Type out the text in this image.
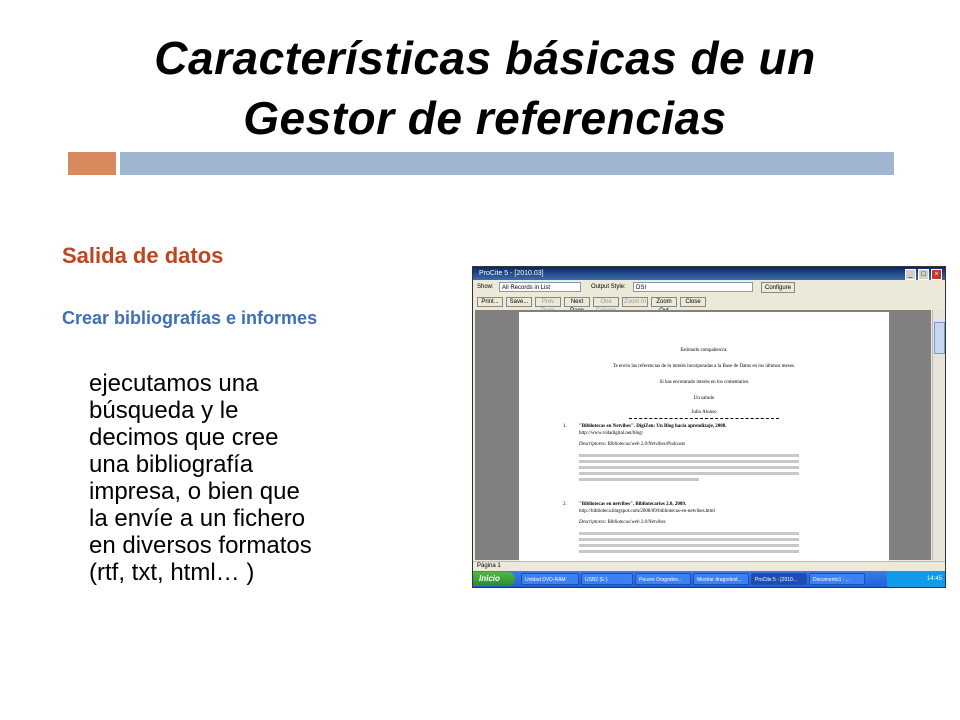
Características básicas de un
Gestor de referencias
Salida de datos
Crear bibliografías e informes
ejecutamos una
búsqueda y le
decimos que cree
una bibliografía
impresa, o bien que
la envíe a un fichero
en diversos formatos
(rtf, txt, html… )
ProCite 5 - [2010.03]	_	□	×
Show:	All Records in List	Output Style:	DSI	Configure
Print...	Save...	Prev	Next	One	Zoom In	Zoom	Close
Estimado compañero/a:
Te envío las referencias de tu interés incorporadas a la Base de Datos en los últimos meses.
Si has encontrado interés en los comentarios
Un saludo
Julio Alonso
1. "Bibliotecas en Netvibes". DigiZen: Un Blog hacia aprendizaje, 2008.
http://www.vidadigital.net/blog/
Descriptores: Bibliotecas/web 2.0/Netvibes/Podcasts
2. "Bibliotecas en netvibes". Bibliotecarios 2.0, 2009.
http://biblioteca.blogspot.com/2008/09/bibliotecas-en-netvibes.html
Descriptores: Bibliotecas/web 2.0/Netvibes
Página 1
Inicio	Unidad DVD-RAM	USB2 (E:)	Peuvre Dragodes...	Mostrar dragodest...	ProCite 5 - [2010...	Documento1 - ...	14:45
